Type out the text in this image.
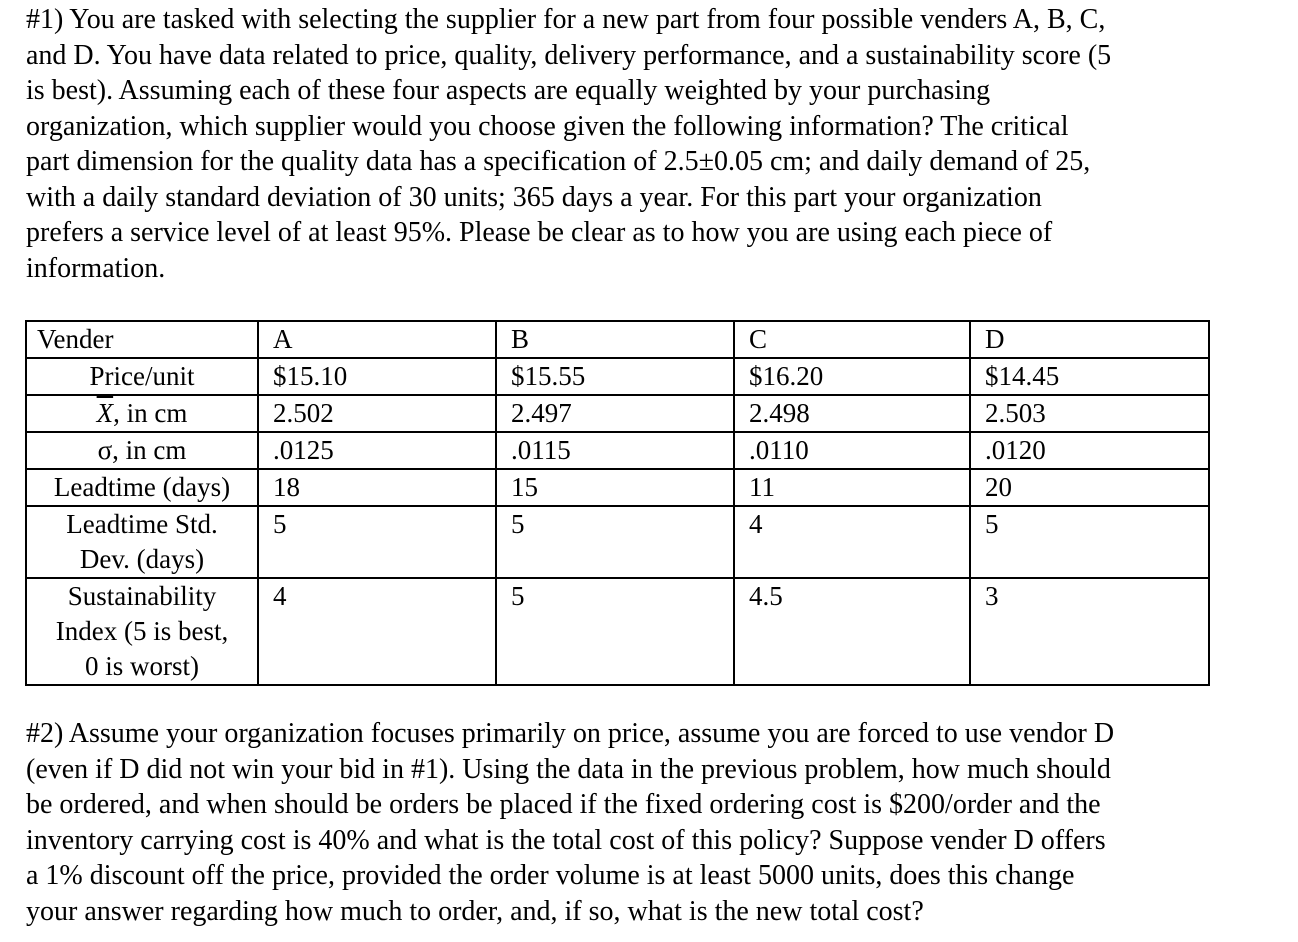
#1) You are tasked with selecting the supplier for a new part from four possible venders A, B, C,
and D. You have data related to price, quality, delivery performance, and a sustainability score (5
is best). Assuming each of these four aspects are equally weighted by your purchasing
organization, which supplier would you choose given the following information? The critical
part dimension for the quality data has a specification of 2.5±0.05 cm; and daily demand of 25,
with a daily standard deviation of 30 units; 365 days a year. For this part your organization
prefers a service level of at least 95%. Please be clear as to how you are using each piece of
information.
Vender	A	B	C	D
Price/unit	$15.10	$15.55	$16.20	$14.45
$\overline{X}$, in cm	2.502	2.497	2.498	2.503
σ, in cm	.0125	.0115	.0110	.0120
Leadtime (days)	18	15	11	20

Leadtime Std.
Dev. (days)	5	5	4	5

Sustainability
Index (5 is best,
0 is worst)	4	5	4.5	3
#2) Assume your organization focuses primarily on price, assume you are forced to use vendor D
(even if D did not win your bid in #1). Using the data in the previous problem, how much should
be ordered, and when should be orders be placed if the fixed ordering cost is $200/order and the
inventory carrying cost is 40% and what is the total cost of this policy? Suppose vender D offers
a 1% discount off the price, provided the order volume is at least 5000 units, does this change
your answer regarding how much to order, and, if so, what is the new total cost?
